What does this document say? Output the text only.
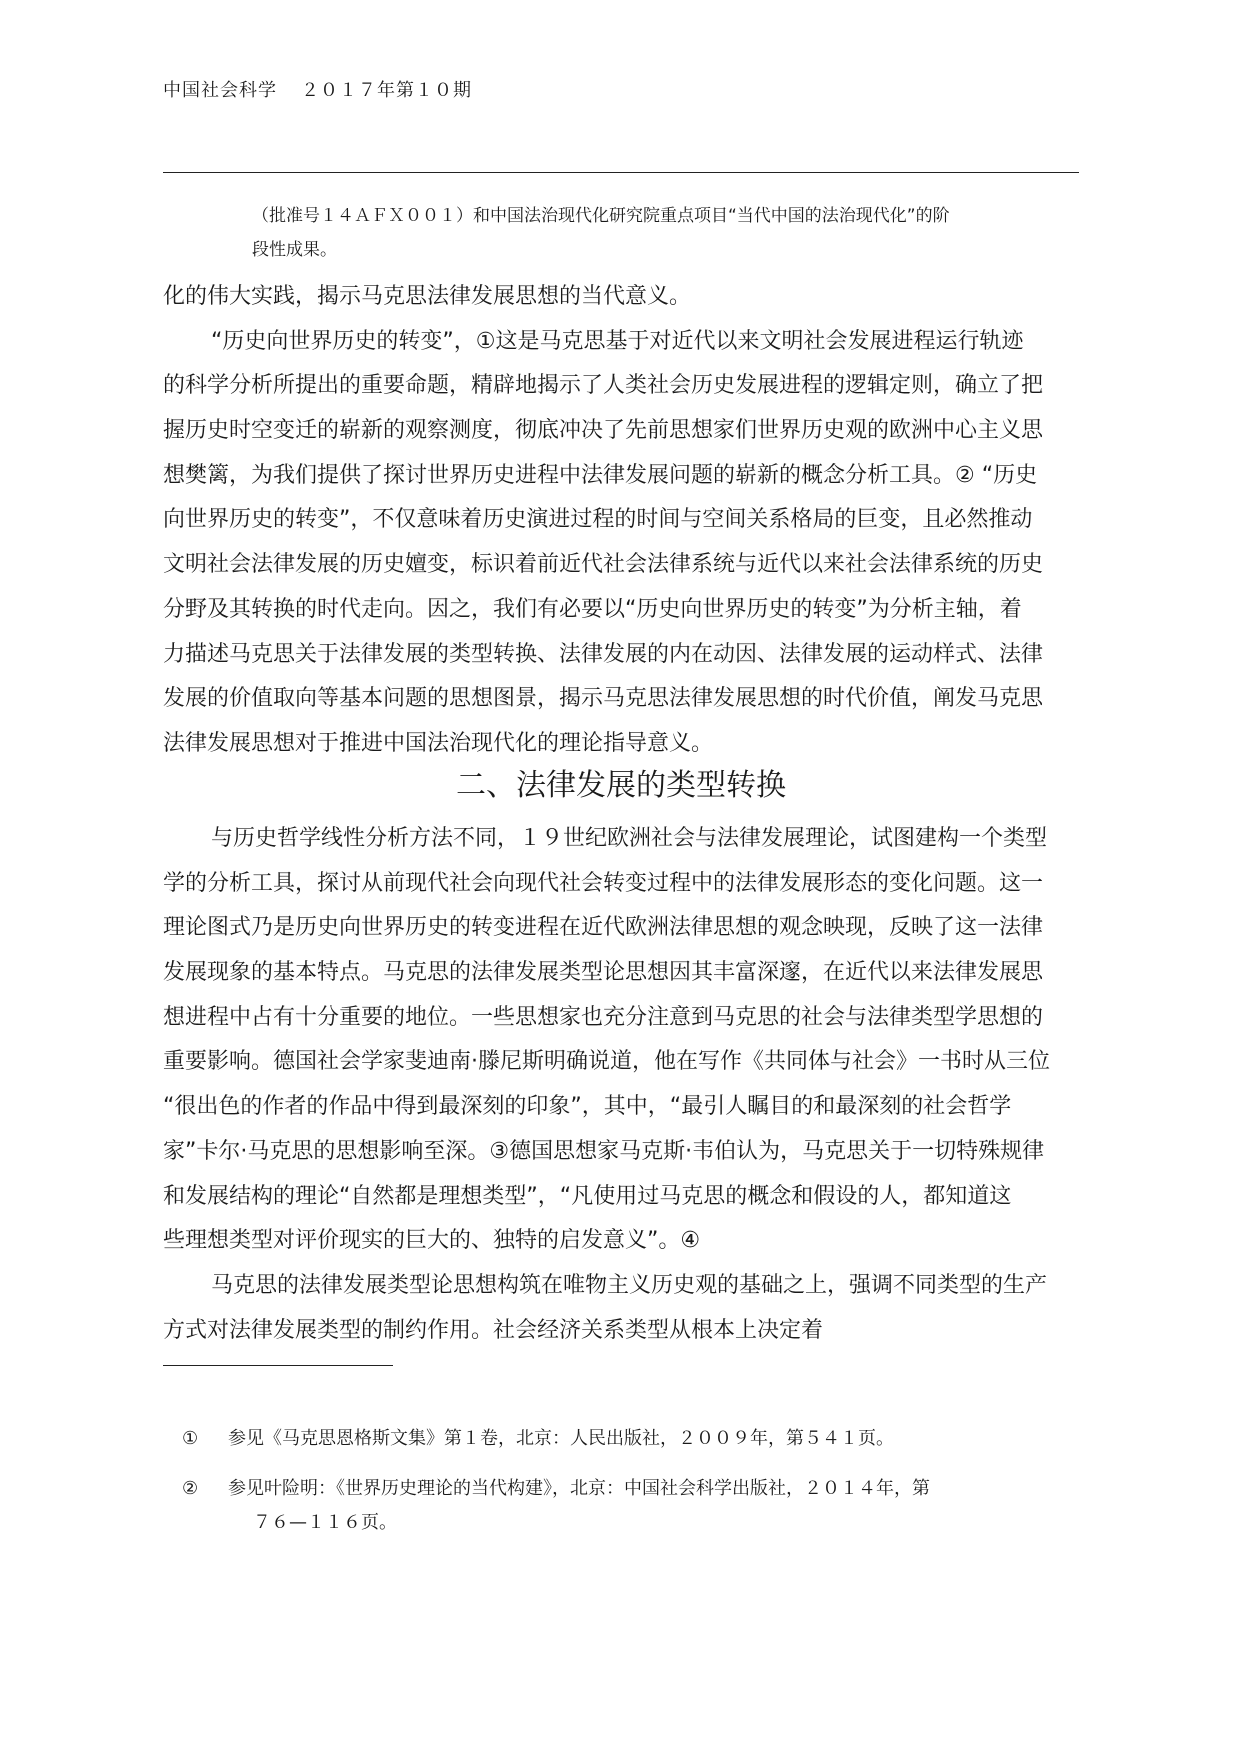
中国社会科学 ２０１７年第１０期
（批准号１４ＡＦＸ００１）和中国法治现代化研究院重点项目“当代中国的法治现代化”的阶
段性成果。
化的伟大实践，揭示马克思法律发展思想的当代意义。
“历史向世界历史的转变”，①这是马克思基于对近代以来文明社会发展进程运行轨迹
的科学分析所提出的重要命题，精辟地揭示了人类社会历史发展进程的逻辑定则，确立了把
握历史时空变迁的崭新的观察测度，彻底冲决了先前思想家们世界历史观的欧洲中心主义思
想樊篱，为我们提供了探讨世界历史进程中法律发展问题的崭新的概念分析工具。② “历史
向世界历史的转变”，不仅意味着历史演进过程的时间与空间关系格局的巨变，且必然推动
文明社会法律发展的历史嬗变，标识着前近代社会法律系统与近代以来社会法律系统的历史
分野及其转换的时代走向。因之，我们有必要以“历史向世界历史的转变”为分析主轴，着
力描述马克思关于法律发展的类型转换、法律发展的内在动因、法律发展的运动样式、法律
发展的价值取向等基本问题的思想图景，揭示马克思法律发展思想的时代价值，阐发马克思
法律发展思想对于推进中国法治现代化的理论指导意义。
二、法律发展的类型转换
与历史哲学线性分析方法不同，１９世纪欧洲社会与法律发展理论，试图建构一个类型
学的分析工具，探讨从前现代社会向现代社会转变过程中的法律发展形态的变化问题。这一
理论图式乃是历史向世界历史的转变进程在近代欧洲法律思想的观念映现，反映了这一法律
发展现象的基本特点。马克思的法律发展类型论思想因其丰富深邃，在近代以来法律发展思
想进程中占有十分重要的地位。一些思想家也充分注意到马克思的社会与法律类型学思想的
重要影响。德国社会学家斐迪南·滕尼斯明确说道，他在写作《共同体与社会》一书时从三位
“很出色的作者的作品中得到最深刻的印象”，其中，“最引人瞩目的和最深刻的社会哲学
家”卡尔·马克思的思想影响至深。③德国思想家马克斯·韦伯认为，马克思关于一切特殊规律
和发展结构的理论“自然都是理想类型”，“凡使用过马克思的概念和假设的人，都知道这
些理想类型对评价现实的巨大的、独特的启发意义”。④
马克思的法律发展类型论思想构筑在唯物主义历史观的基础之上，强调不同类型的生产
方式对法律发展类型的制约作用。社会经济关系类型从根本上决定着
① 参见《马克思恩格斯文集》第１卷，北京：人民出版社，２００９年，第５４１页。
② 参见叶险明：《世界历史理论的当代构建》，北京：中国社会科学出版社，２０１４年，第
７６—１１６页。
